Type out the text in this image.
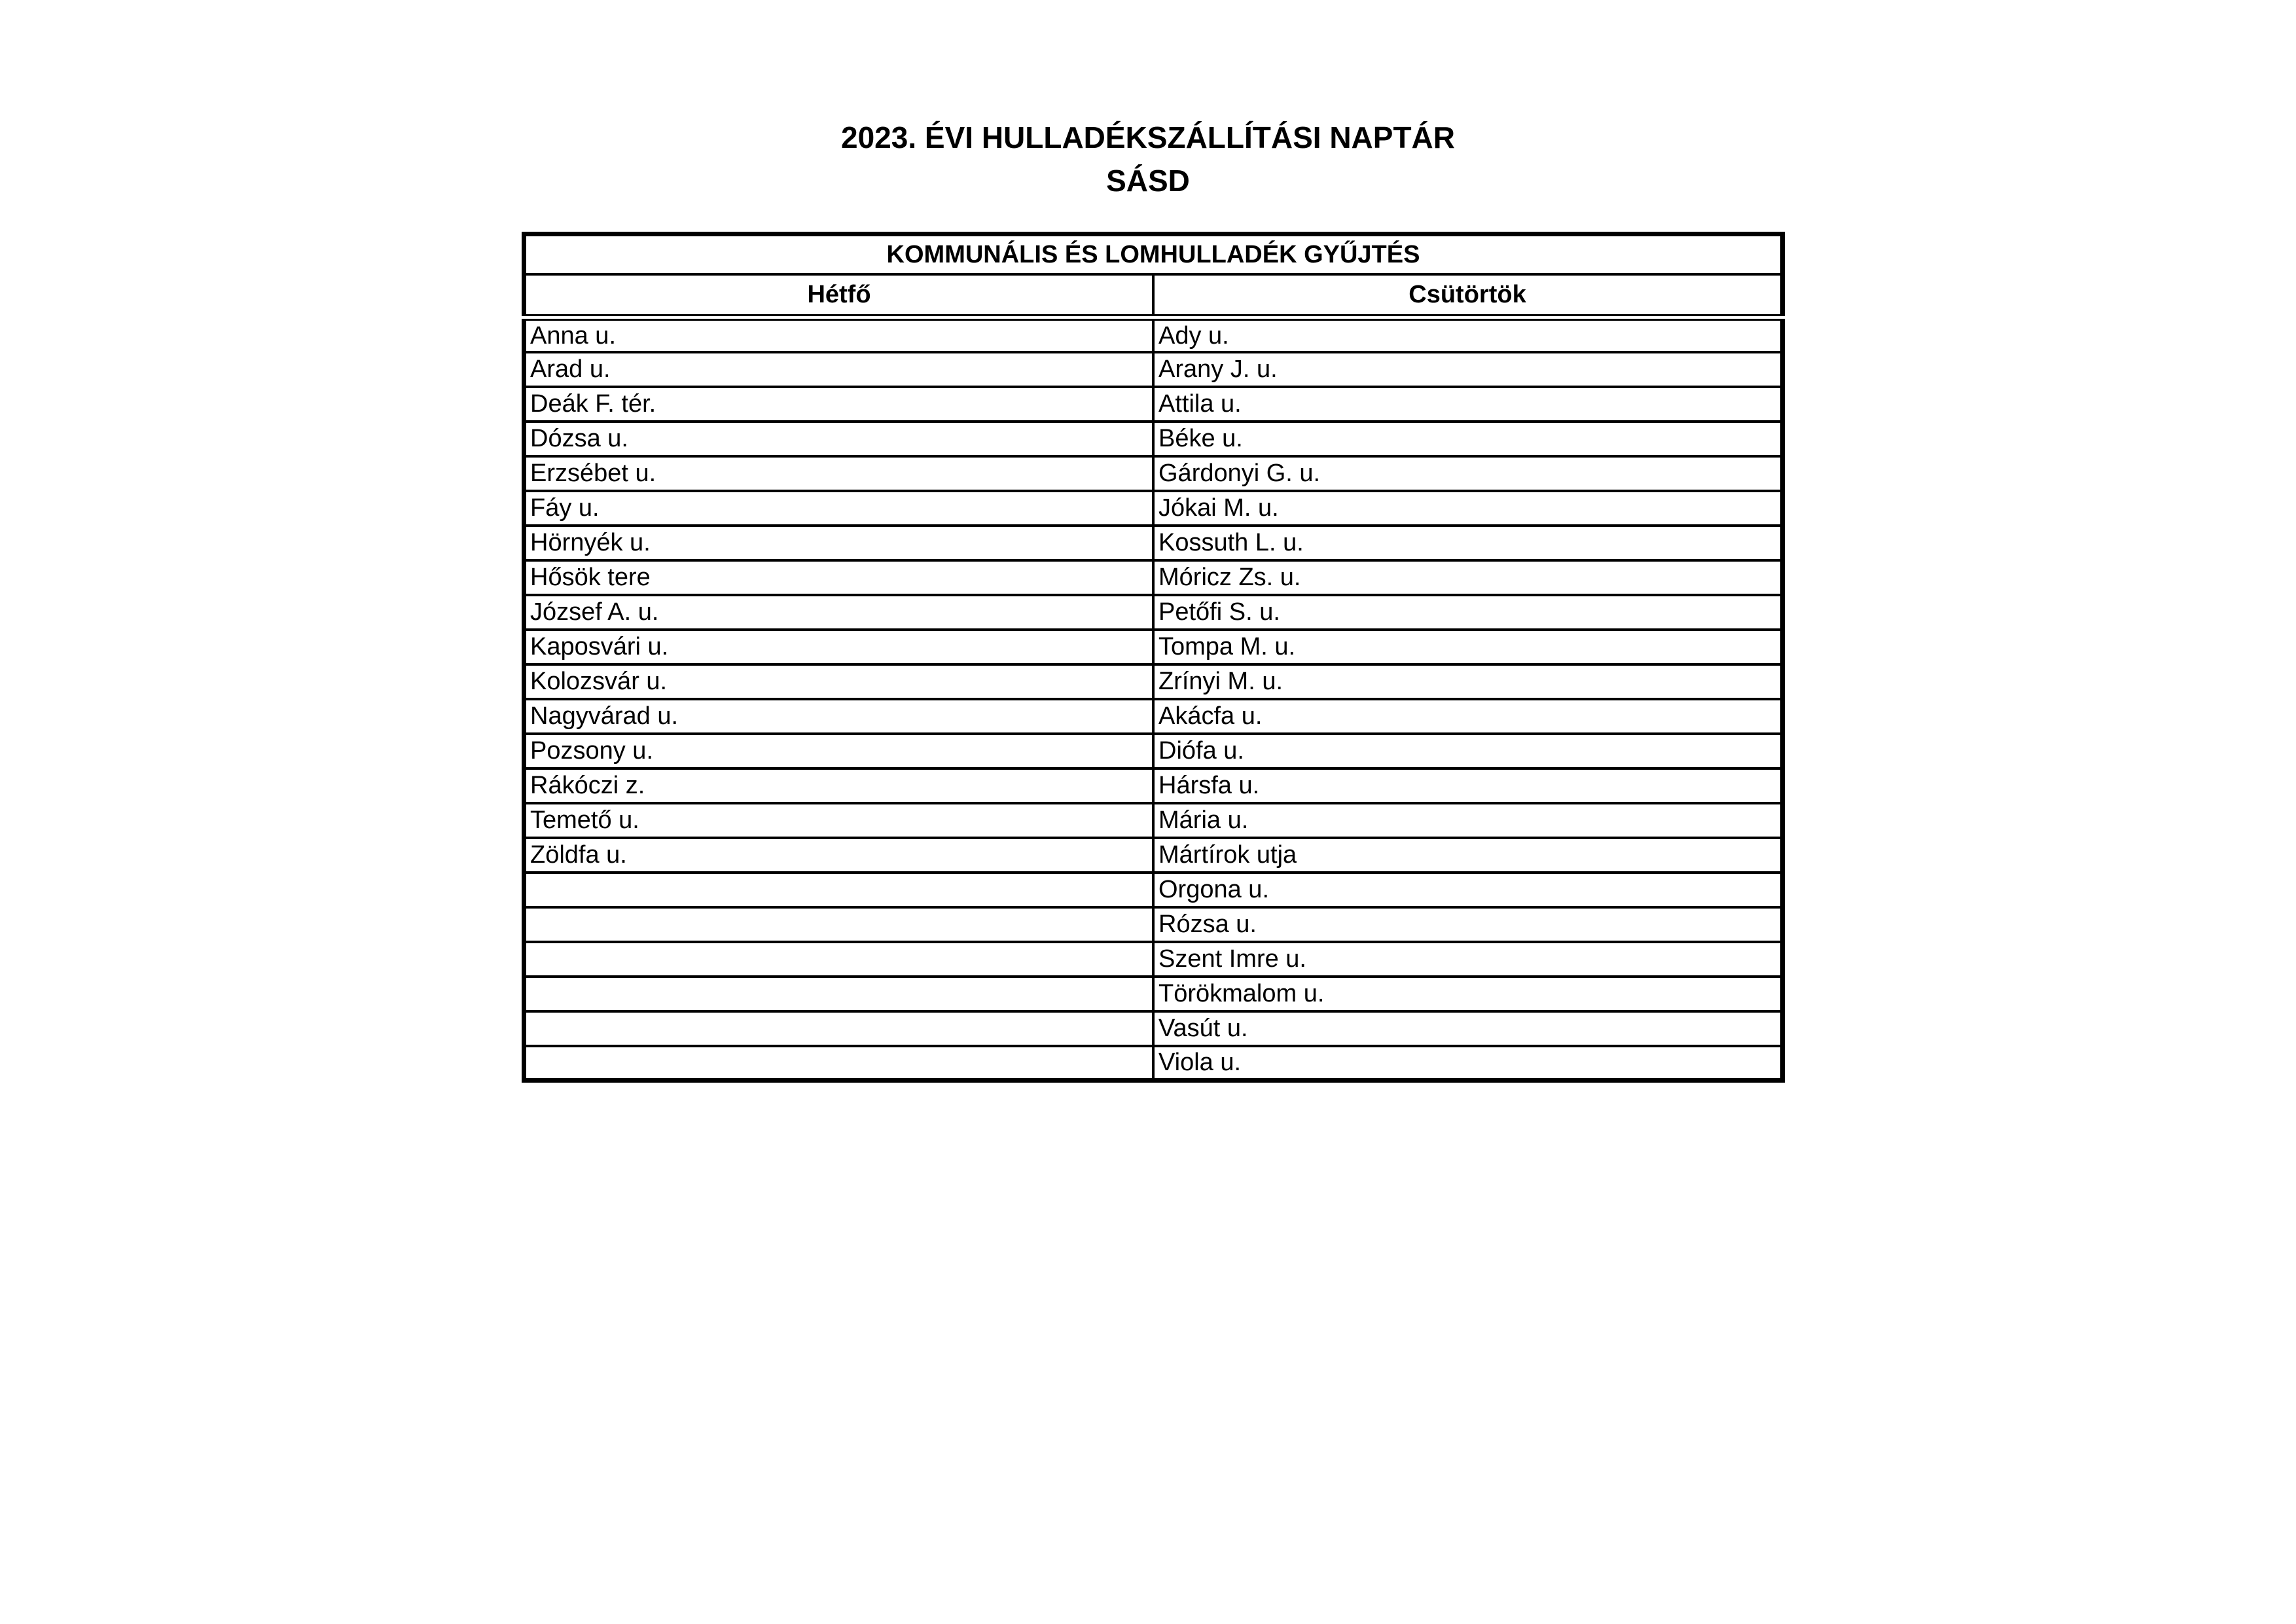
2023. ÉVI HULLADÉKSZÁLLÍTÁSI NAPTÁR
SÁSD
KOMMUNÁLIS ÉS LOMHULLADÉK GYŰJTÉS	
Hétfő	Csütörtök
Anna u.	Ady u.
Arad u.	Arany J. u.
Deák F. tér.	Attila u.
Dózsa u.	Béke u.
Erzsébet u.	Gárdonyi G. u.
Fáy u.	Jókai M. u.
Hörnyék u.	Kossuth L. u.
Hősök tere	Móricz Zs. u.
József A. u.	Petőfi S. u.
Kaposvári u.	Tompa M. u.
Kolozsvár u.	Zrínyi M. u.
Nagyvárad u.	Akácfa u.
Pozsony u.	Diófa u.
Rákóczi z.	Hársfa u.
Temető u.	Mária u.
Zöldfa u.	Mártírok utja
	Orgona u.
	Rózsa u.
	Szent Imre u.
	Törökmalom u.
	Vasút u.
	Viola u.
